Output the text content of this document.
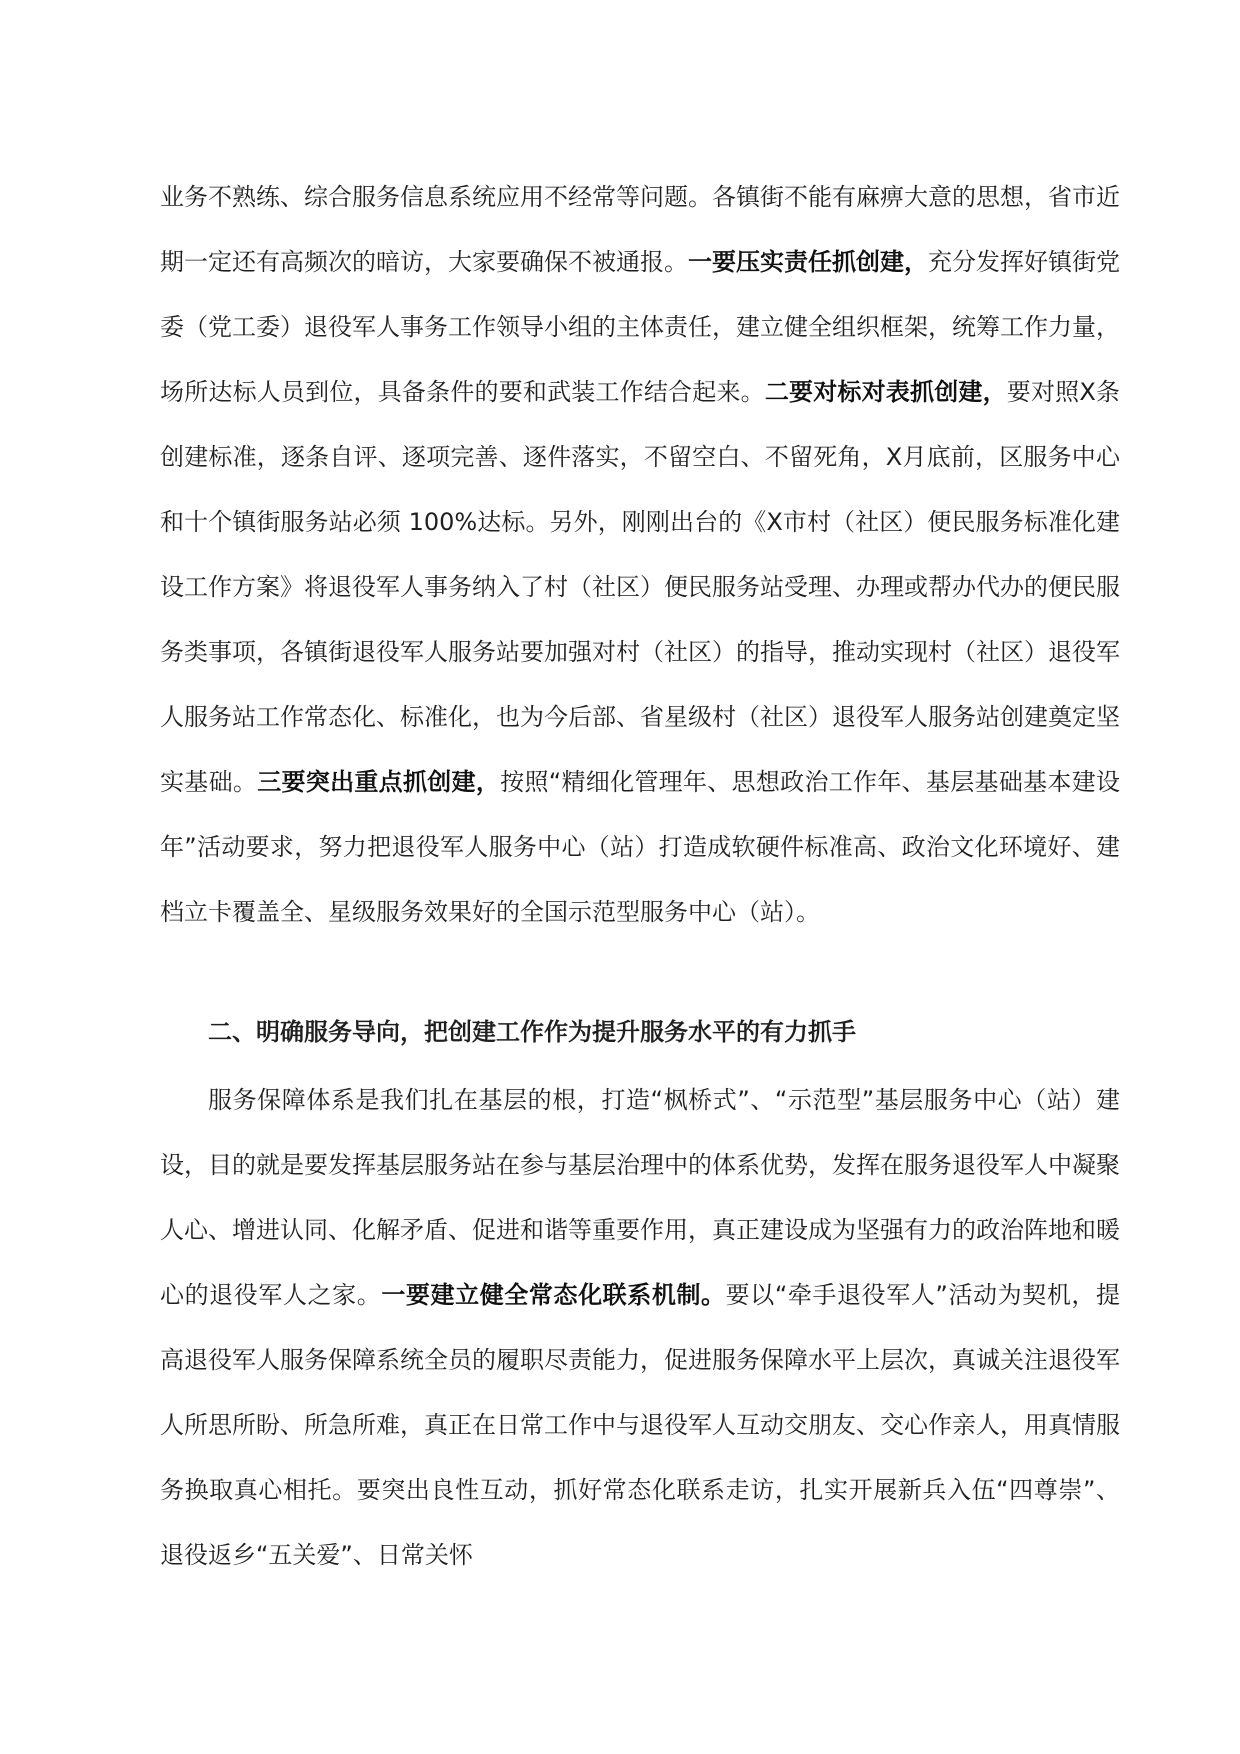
业务不熟练、综合服务信息系统应用不经常等问题。各镇街不能有麻痹大意的思想，省市近期一定还有高频次的暗访，大家要确保不被通报。一要压实责任抓创建，充分发挥好镇街党委（党工委）退役军人事务工作领导小组的主体责任，建立健全组织框架，统筹工作力量，场所达标人员到位，具备条件的要和武装工作结合起来。二要对标对表抓创建，要对照Ⅹ条创建标准，逐条自评、逐项完善、逐件落实，不留空白、不留死角，Ⅹ月底前，区服务中心和十个镇街服务站必须 100%达标。另外，刚刚出台的《Ⅹ市村（社区）便民服务标准化建设工作方案》将退役军人事务纳入了村（社区）便民服务站受理、办理或帮办代办的便民服务类事项，各镇街退役军人服务站要加强对村（社区）的指导，推动实现村（社区）退役军人服务站工作常态化、标准化，也为今后部、省星级村（社区）退役军人服务站创建奠定坚实基础。三要突出重点抓创建，按照“精细化管理年、思想政治工作年、基层基础基本建设年”活动要求，努力把退役军人服务中心（站）打造成软硬件标准高、政治文化环境好、建档立卡覆盖全、星级服务效果好的全国示范型服务中心（站）。

二、明确服务导向，把创建工作作为提升服务水平的有力抓手

服务保障体系是我们扎在基层的根，打造“枫桥式”、“示范型”基层服务中心（站）建设，目的就是要发挥基层服务站在参与基层治理中的体系优势，发挥在服务退役军人中凝聚人心、增进认同、化解矛盾、促进和谐等重要作用，真正建设成为坚强有力的政治阵地和暖心的退役军人之家。一要建立健全常态化联系机制。要以“牵手退役军人”活动为契机，提高退役军人服务保障系统全员的履职尽责能力，促进服务保障水平上层次，真诚关注退役军人所思所盼、所急所难，真正在日常工作中与退役军人互动交朋友、交心作亲人，用真情服务换取真心相托。要突出良性互动，抓好常态化联系走访，扎实开展新兵入伍“四尊崇”、退役返乡“五关爱”、日常关怀
